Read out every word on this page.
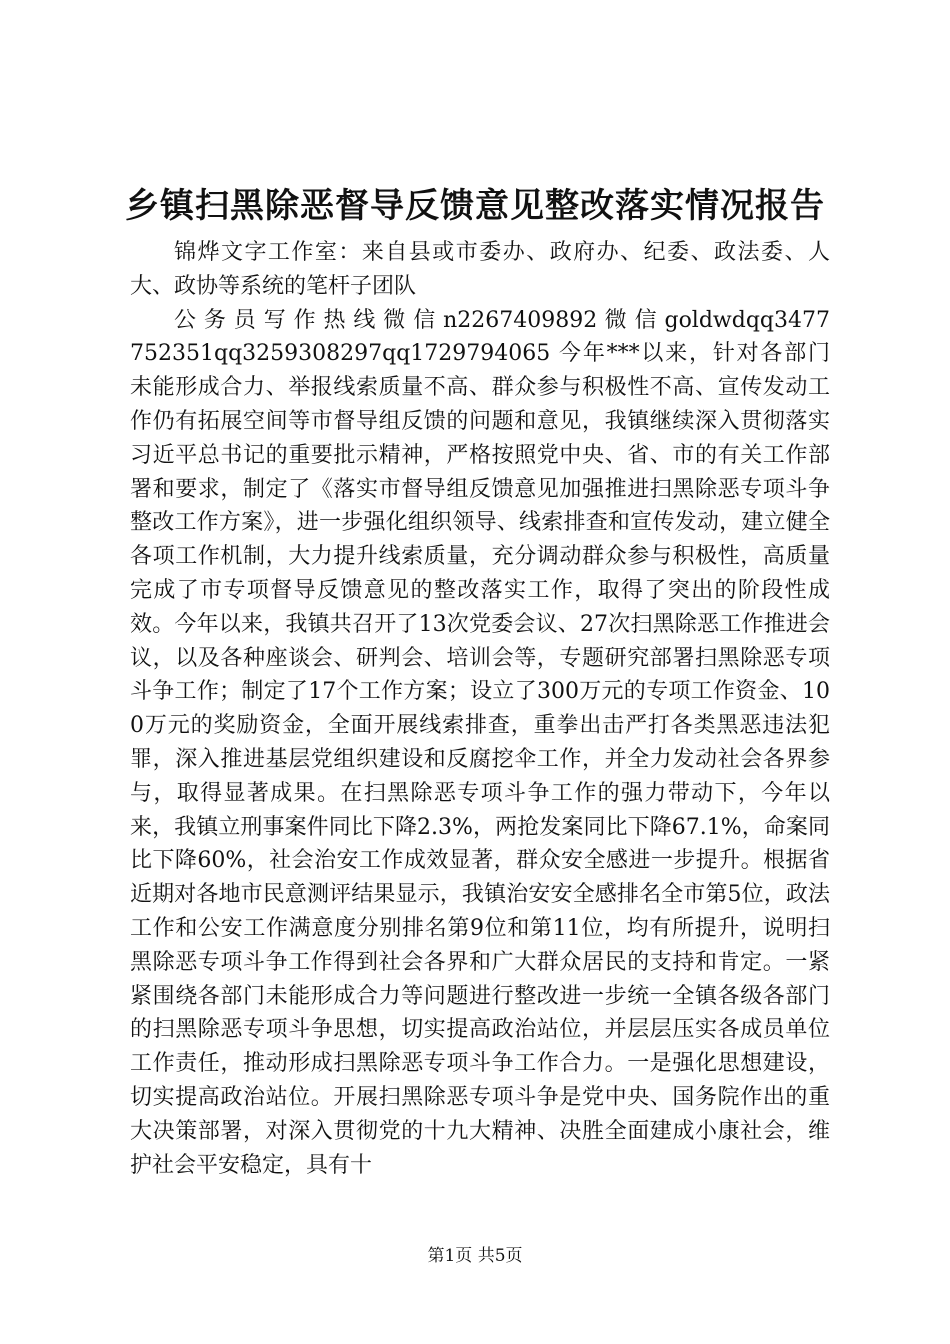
乡镇扫黑除恶督导反馈意见整改落实情况报告

锦烨文字工作室：来自县或市委办、政府办、纪委、政法委、人大、政协等系统的笔杆子团队

公 务 员 写 作 热 线 微 信 n2267409892 微 信 goldwdqq3477752351qq3259308297qq1729794065 今年***以来，针对各部门未能形成合力、举报线索质量不高、群众参与积极性不高、宣传发动工作仍有拓展空间等市督导组反馈的问题和意见，我镇继续深入贯彻落实习近平总书记的重要批示精神，严格按照党中央、省、市的有关工作部署和要求，制定了《落实市督导组反馈意见加强推进扫黑除恶专项斗争整改工作方案》，进一步强化组织领导、线索排查和宣传发动，建立健全各项工作机制，大力提升线索质量，充分调动群众参与积极性，高质量完成了市专项督导反馈意见的整改落实工作，取得了突出的阶段性成效。今年以来，我镇共召开了13次党委会议、27次扫黑除恶工作推进会议，以及各种座谈会、研判会、培训会等，专题研究部署扫黑除恶专项斗争工作；制定了17个工作方案；设立了300万元的专项工作资金、100万元的奖励资金，全面开展线索排查，重拳出击严打各类黑恶违法犯罪，深入推进基层党组织建设和反腐挖伞工作，并全力发动社会各界参与，取得显著成果。在扫黑除恶专项斗争工作的强力带动下，今年以来，我镇立刑事案件同比下降2.3%，两抢发案同比下降67.1%，命案同比下降60%，社会治安工作成效显著，群众安全感进一步提升。根据省近期对各地市民意测评结果显示，我镇治安安全感排名全市第5位，政法工作和公安工作满意度分别排名第9位和第11位，均有所提升，说明扫黑除恶专项斗争工作得到社会各界和广大群众居民的支持和肯定。一紧紧围绕各部门未能形成合力等问题进行整改进一步统一全镇各级各部门的扫黑除恶专项斗争思想，切实提高政治站位，并层层压实各成员单位工作责任，推动形成扫黑除恶专项斗争工作合力。一是强化思想建设，切实提高政治站位。开展扫黑除恶专项斗争是党中央、国务院作出的重大决策部署，对深入贯彻党的十九大精神、决胜全面建成小康社会，维护社会平安稳定，具有十

第1页 共5页
